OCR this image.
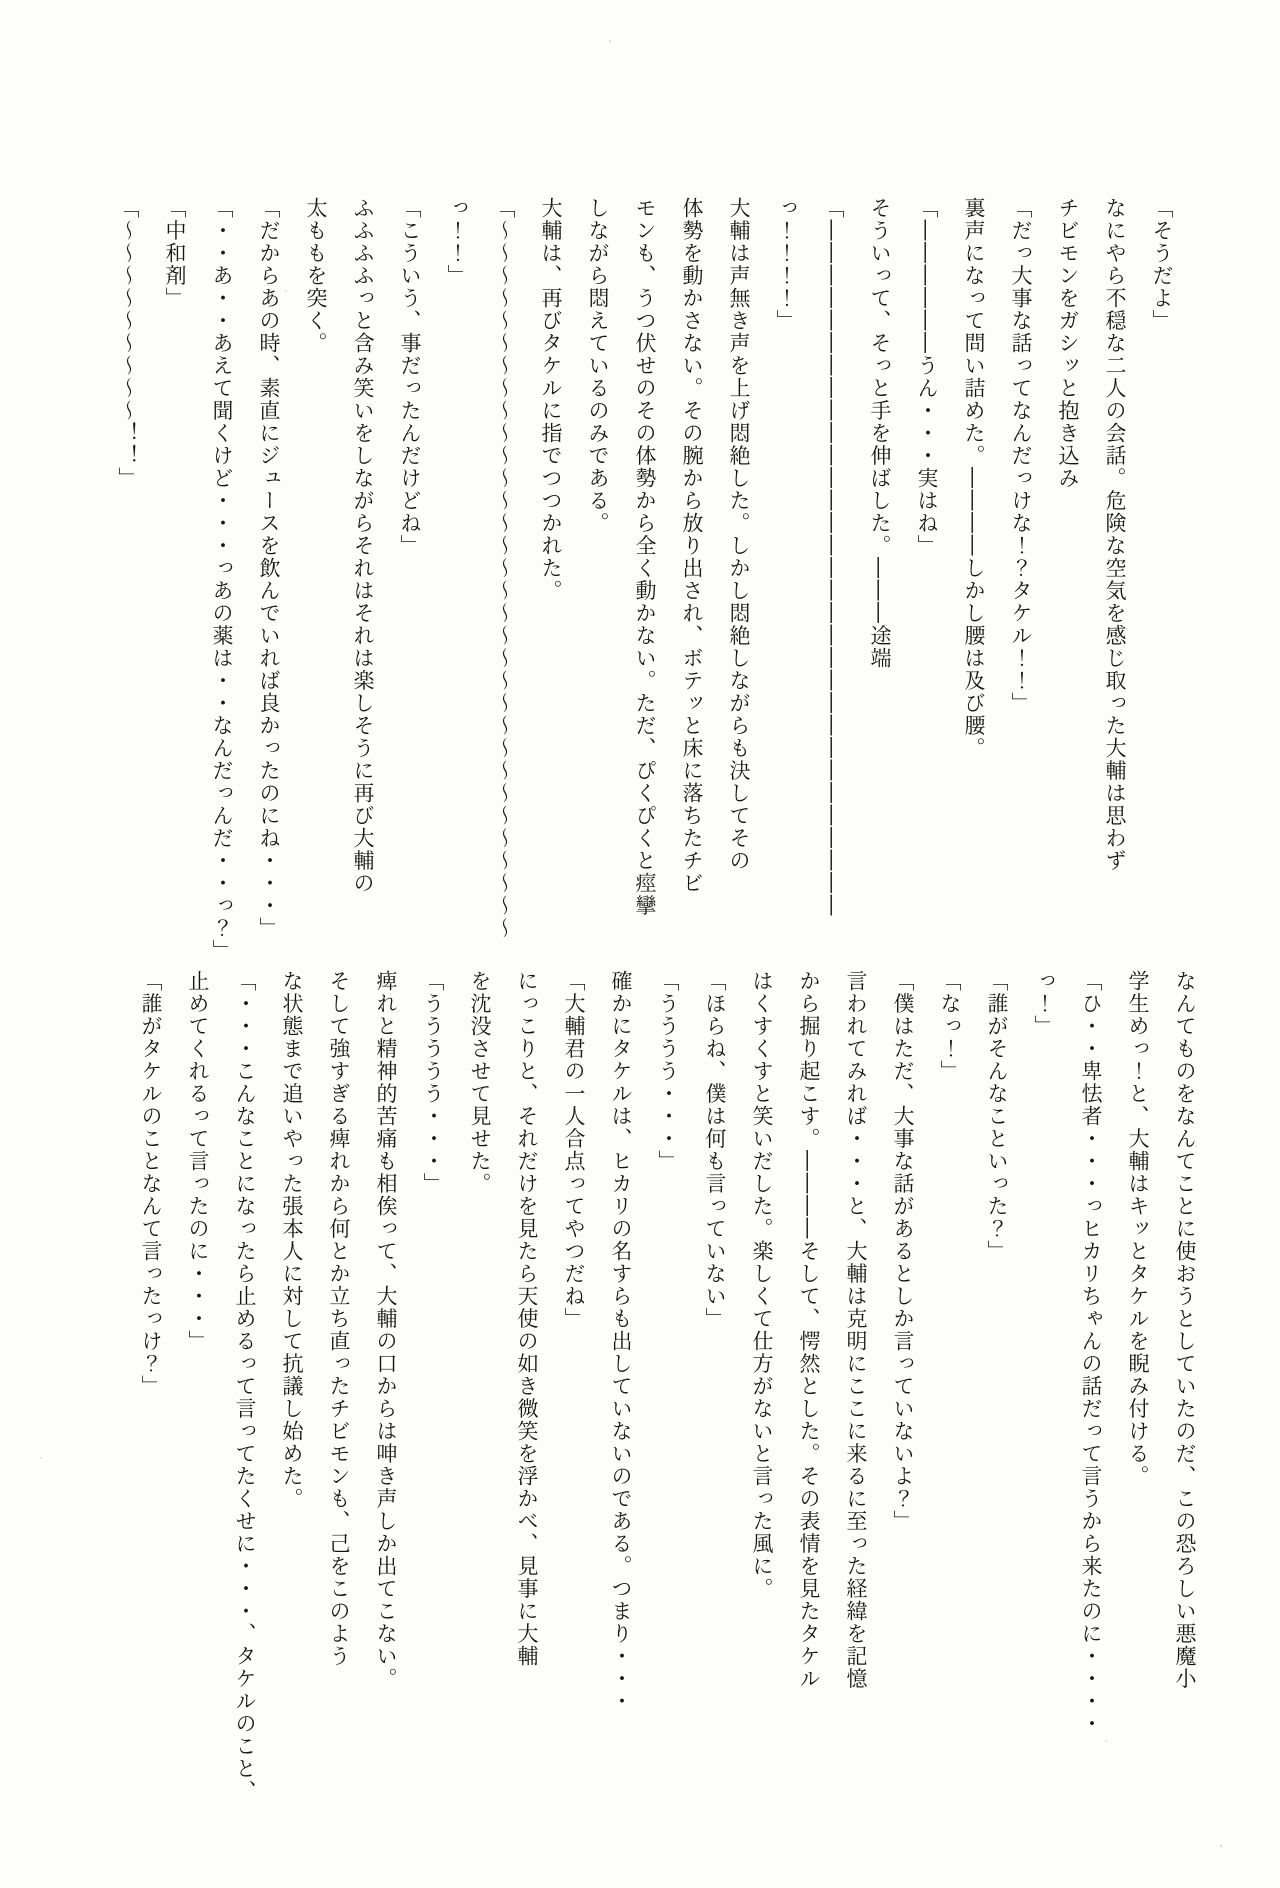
「そうだよ」
なにやら不穏な二人の会話。危険な空気を感じ取った大輔は思わず
チビモンをガシッと抱き込み
「だっ大事な話ってなんだっけな！？タケル！！」
裏声になって問い詰めた。――――しかし腰は及び腰。
「――――――うん・・・実はね」
そういって、そっと手を伸ばした。―――途端
「―――――――――――――――――――――――――――――――
っ！！！！」
大輔は声無き声を上げ悶絶した。しかし悶絶しながらも決してその
体勢を動かさない。その腕から放り出され、ボテッと床に落ちたチビ
モンも、うつ伏せのその体勢から全く動かない。ただ、ぴくぴくと痙攣
しながら悶えているのみである。
大輔は、再びタケルに指でつつかれた。
「～～～～～～～～～～～～～～～～～～～～～～～～～～～～～～～～
っ！！」
「こういう、事だったんだけどね」
ふふふふっと含み笑いをしながらそれはそれは楽しそうに再び大輔の
太ももを突く。
「だからあの時、素直にジュースを飲んでいれば良かったのにね・・・」
「・・あ・・あえて聞くけど・・・っあの薬は・・なんだっんだ・・っ？」
「中和剤」
「～～～～～～～～～！！」
なんてものをなんてことに使おうとしていたのだ、この恐ろしい悪魔小
学生めっ！と、大輔はキッとタケルを睨み付ける。
「ひ・・卑怯者・・・っヒカリちゃんの話だって言うから来たのに・・・・
っ！」
「誰がそんなこといった？」
「なっ！」
「僕はただ、大事な話があるとしか言っていないよ？」
言われてみれば・・・と、大輔は克明にここに来るに至った経緯を記憶
から掘り起こす。――――そして、愕然とした。その表情を見たタケル
はくすくすと笑いだした。楽しくて仕方がないと言った風に。
「ほらね、僕は何も言っていない」
「うううう・・・」
確かにタケルは、ヒカリの名すらも出していないのである。つまり・・・
「大輔君の一人合点ってやつだね」
にっこりと、それだけを見たら天使の如き微笑を浮かべ、見事に大輔
を沈没させて見せた。
「ううううう・・・」
痺れと精神的苦痛も相俟って、大輔の口からは呻き声しか出てこない。
そして強すぎる痺れから何とか立ち直ったチビモンも、己をこのよう
な状態まで追いやった張本人に対して抗議し始めた。
「・・・こんなことになったら止めるって言ってたくせに・・・、タケルのこと、
止めてくれるって言ったのに・・・」
「誰がタケルのことなんて言ったっけ？」
